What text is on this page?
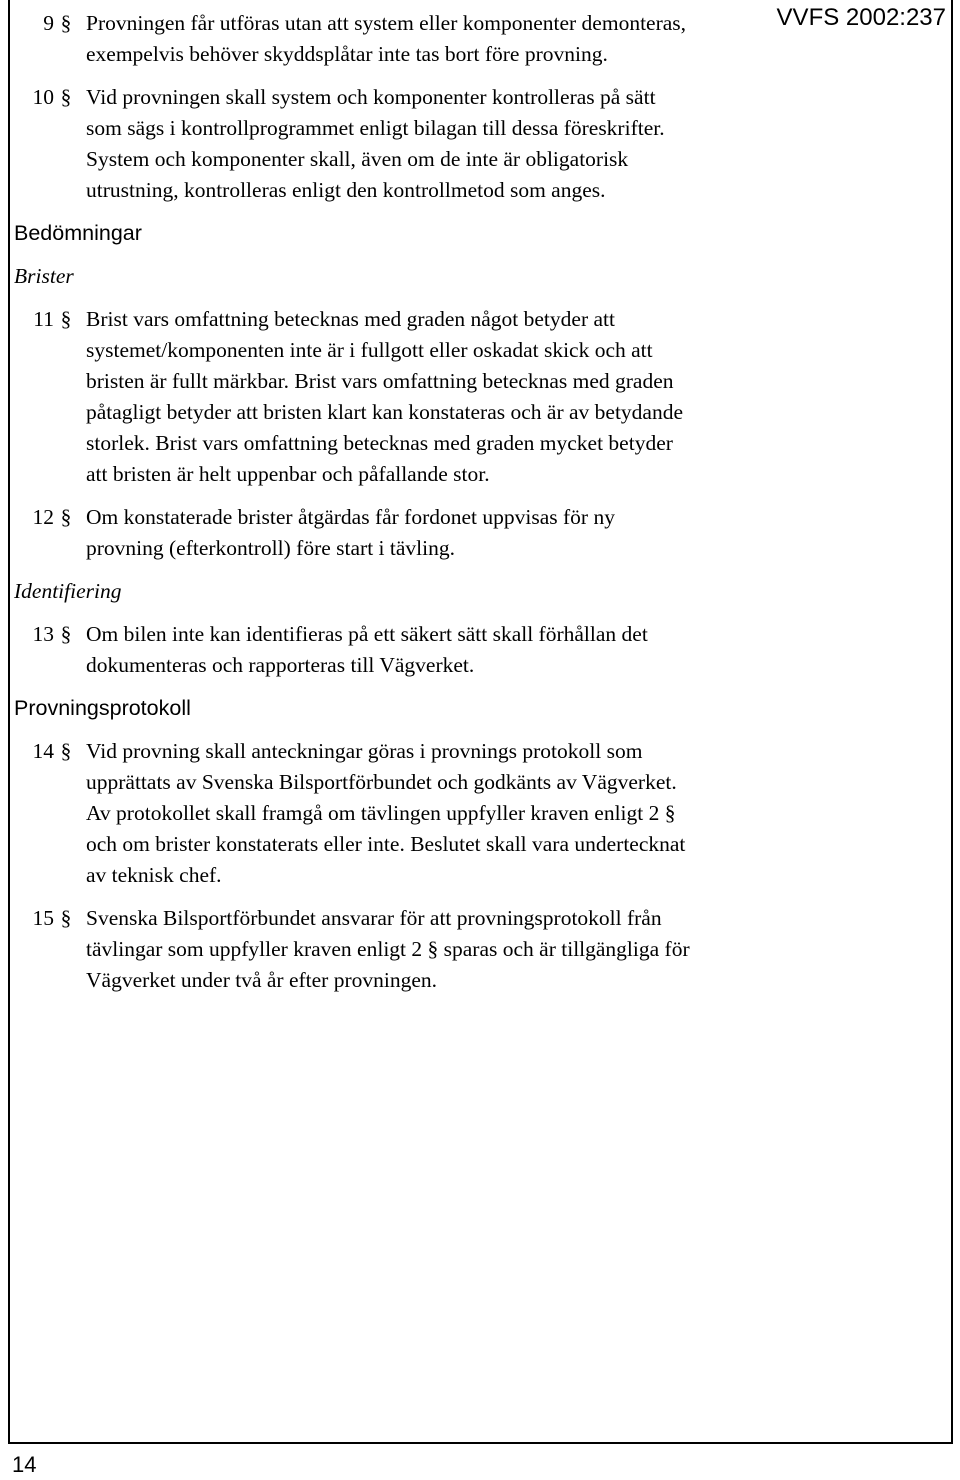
VVFS 2002:237
9 § Provningen får utföras utan att system eller komponenter demonteras, exempelvis behöver skyddsplåtar inte tas bort före provning.
10 § Vid provningen skall system och komponenter kontrolleras på sätt som sägs i kontrollprogrammet enligt bilagan till dessa föreskrifter. System och komponenter skall, även om de inte är obligatorisk utrustning, kontrolleras enligt den kontrollmetod som anges.
Bedömningar
Brister
11 § Brist vars omfattning betecknas med graden något betyder att systemet/komponenten inte är i fullgott eller oskadat skick och att bristen är fullt märkbar. Brist vars omfattning betecknas med graden påtagligt betyder att bristen klart kan konstateras och är av betydande storlek. Brist vars omfattning betecknas med graden mycket betyder att bristen är helt uppenbar och påfallande stor.
12 § Om konstaterade brister åtgärdas får fordonet uppvisas för ny provning (efterkontroll) före start i tävling.
Identifiering
13 § Om bilen inte kan identifieras på ett säkert sätt skall förhållan det dokumenteras och rapporteras till Vägverket.
Provningsprotokoll
14 § Vid provning skall anteckningar göras i provnings protokoll som upprättats av Svenska Bilsportförbundet och godkänts av Vägverket. Av protokollet skall framgå om tävlingen uppfyller kraven enligt 2 § och om brister konstaterats eller inte. Beslutet skall vara undertecknat av teknisk chef.
15 § Svenska Bilsportförbundet ansvarar för att provningsprotokoll från tävlingar som uppfyller kraven enligt 2 § sparas och är tillgängliga för Vägverket under två år efter provningen.
14
